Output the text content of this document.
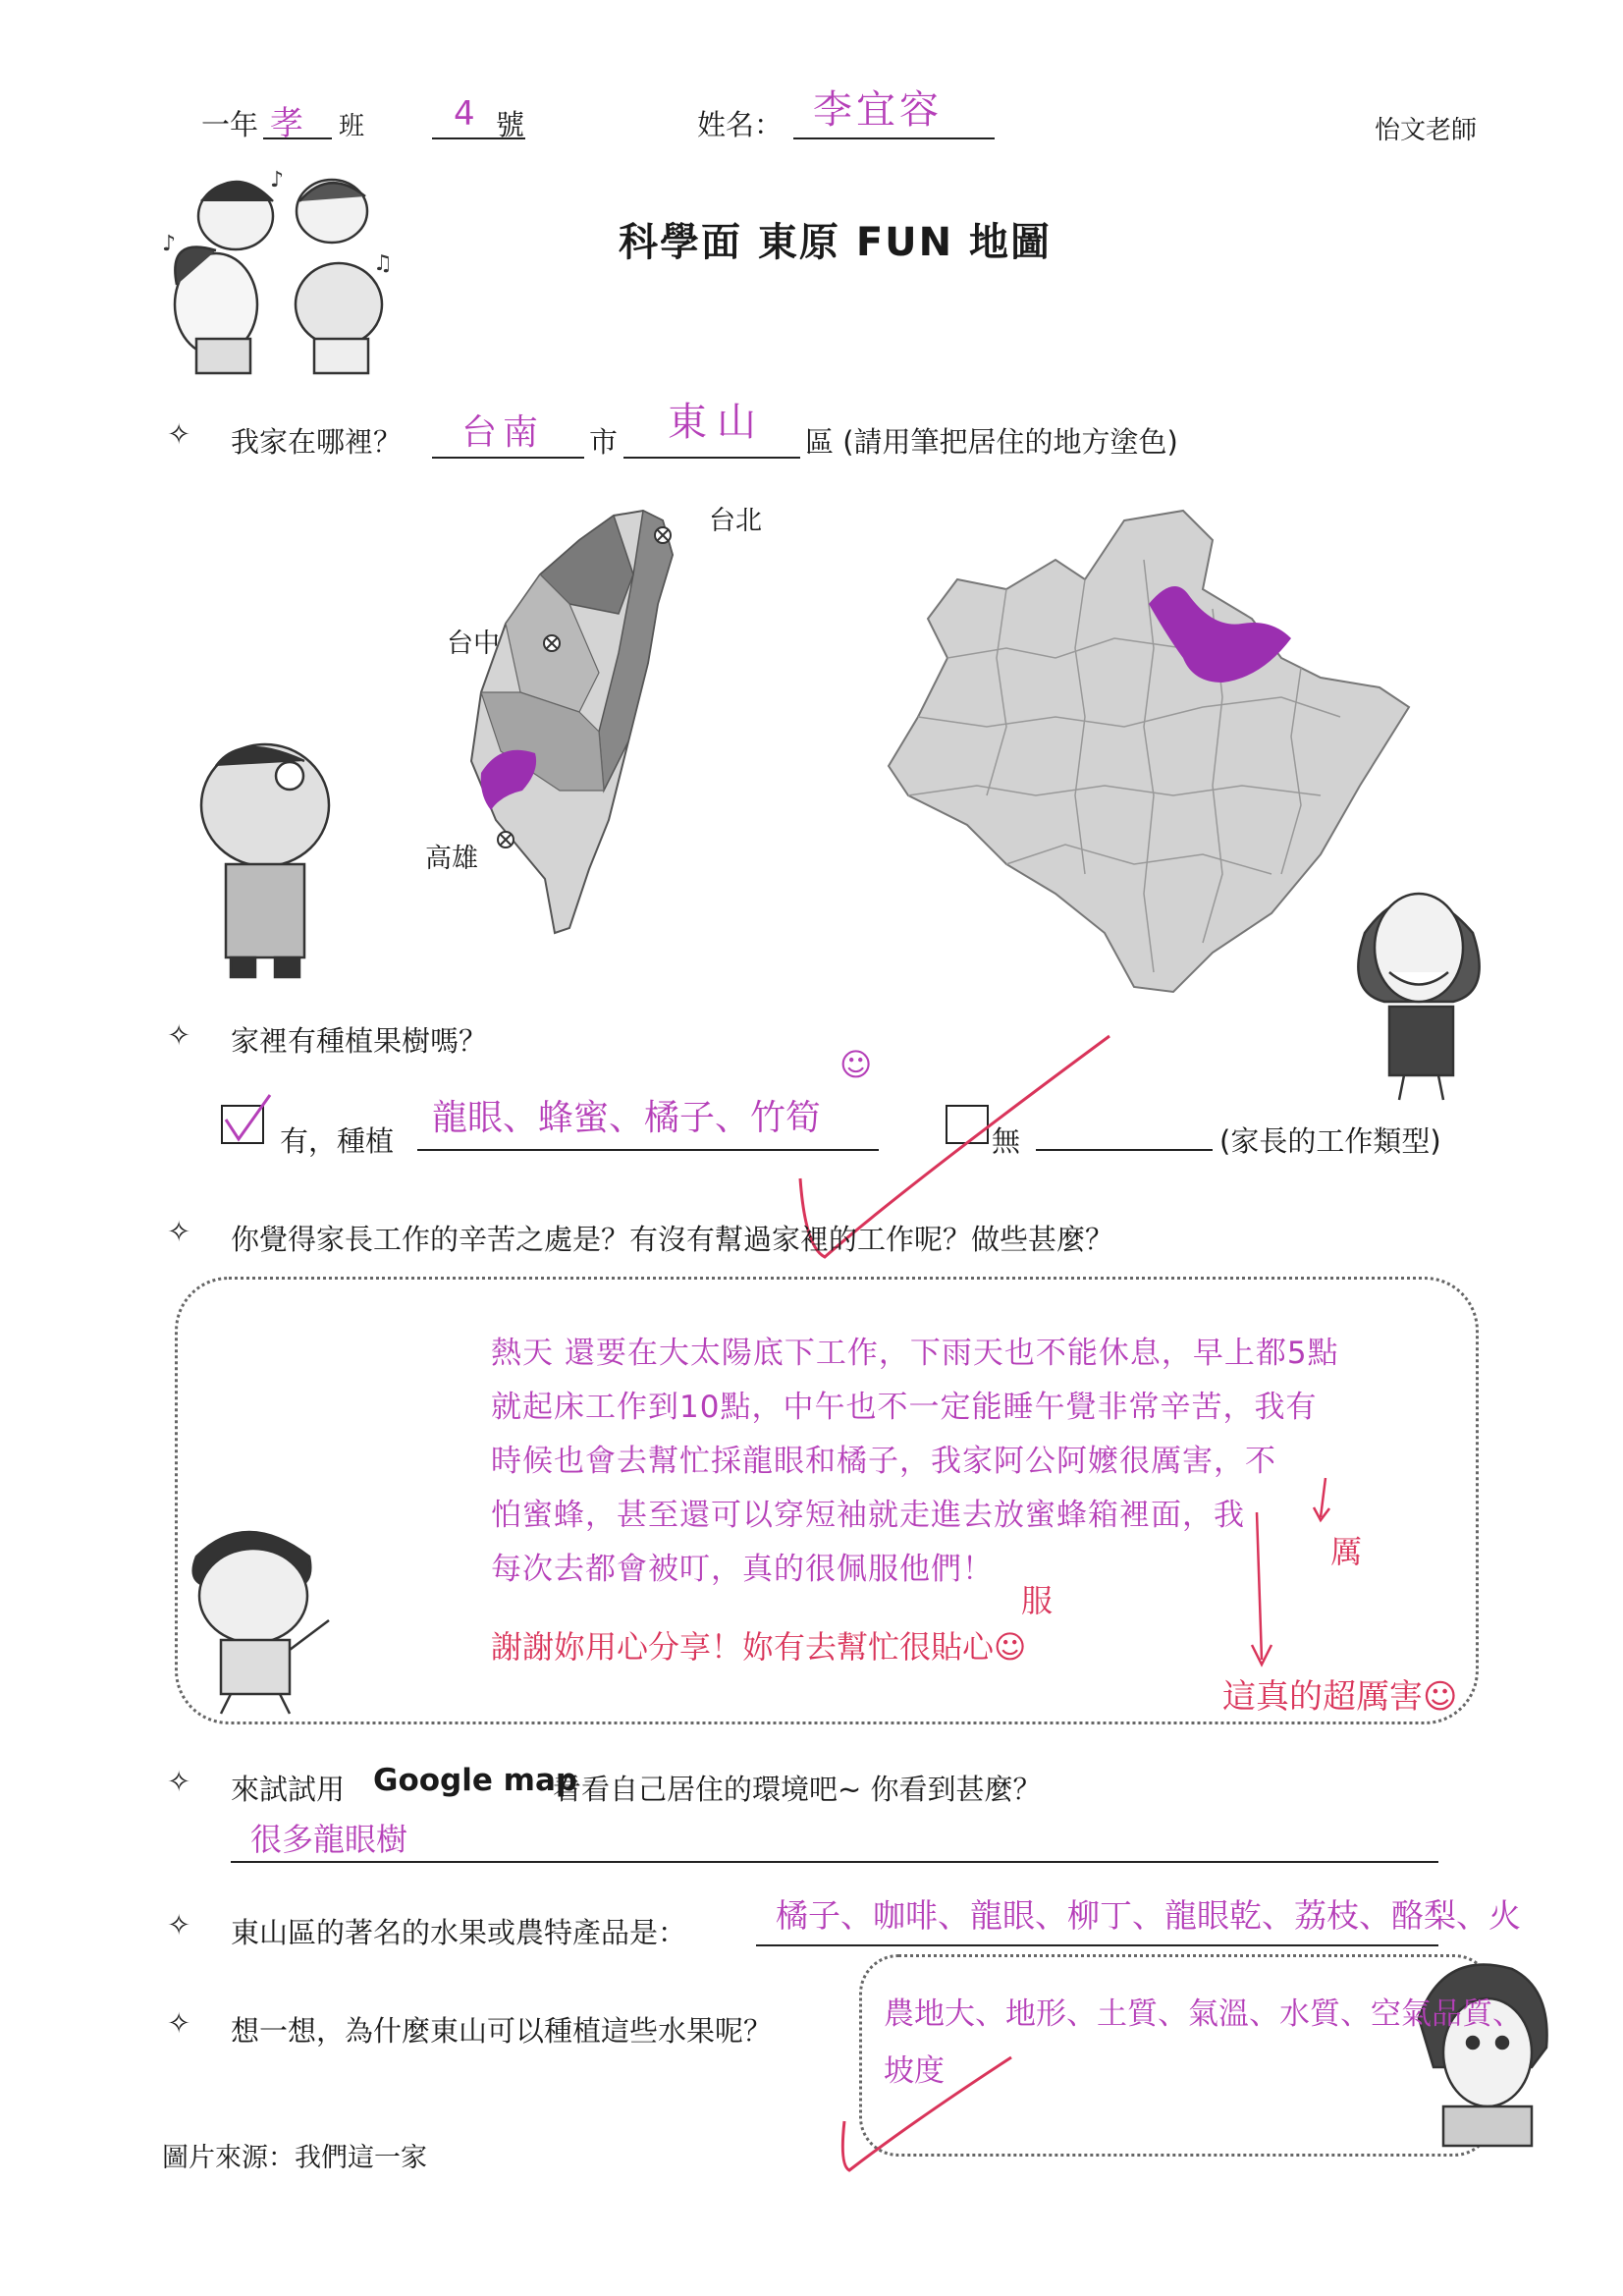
一年 孝 班	4 號	姓名： 李宜容	怡文老師
♪
♫
♪	科學面 東原 FUN 地圖
✧ 我家在哪裡？ 台南 市 東山 區 (請用筆把居住的地方塗色)
台北
台中
高雄
✧ 家裡有種植果樹嗎？
☺
有，種植
龍眼、蜂蜜、橘子、竹筍
無	(家長的工作類型)
✧ 你覺得家長工作的辛苦之處是？有沒有幫過家裡的工作呢？做些甚麼？
熱天 還要在大太陽底下工作，下雨天也不能休息，早上都5點
就起床工作到10點，中午也不一定能睡午覺非常辛苦，我有
時候也會去幫忙採龍眼和橘子，我家阿公阿嬤很厲害，不
怕蜜蜂，甚至還可以穿短袖就走進去放蜜蜂箱裡面，我
每次去都會被叮，真的很佩服他們！
服
厲
謝謝妳用心分享！妳有去幫忙很貼心☺
這真的超厲害☺
✧ 來試試用 Google map
看看自己居住的環境吧~ 你看到甚麼？
很多龍眼樹
✧ 東山區的著名的水果或農特產品是：	橘子、咖啡、龍眼、柳丁、龍眼乾、荔枝、酪梨、火
✧ 想一想，為什麼東山可以種植這些水果呢？	農地大、地形、土質、氣溫、水質、空氣品質、
坡度
圖片來源：我們這一家
